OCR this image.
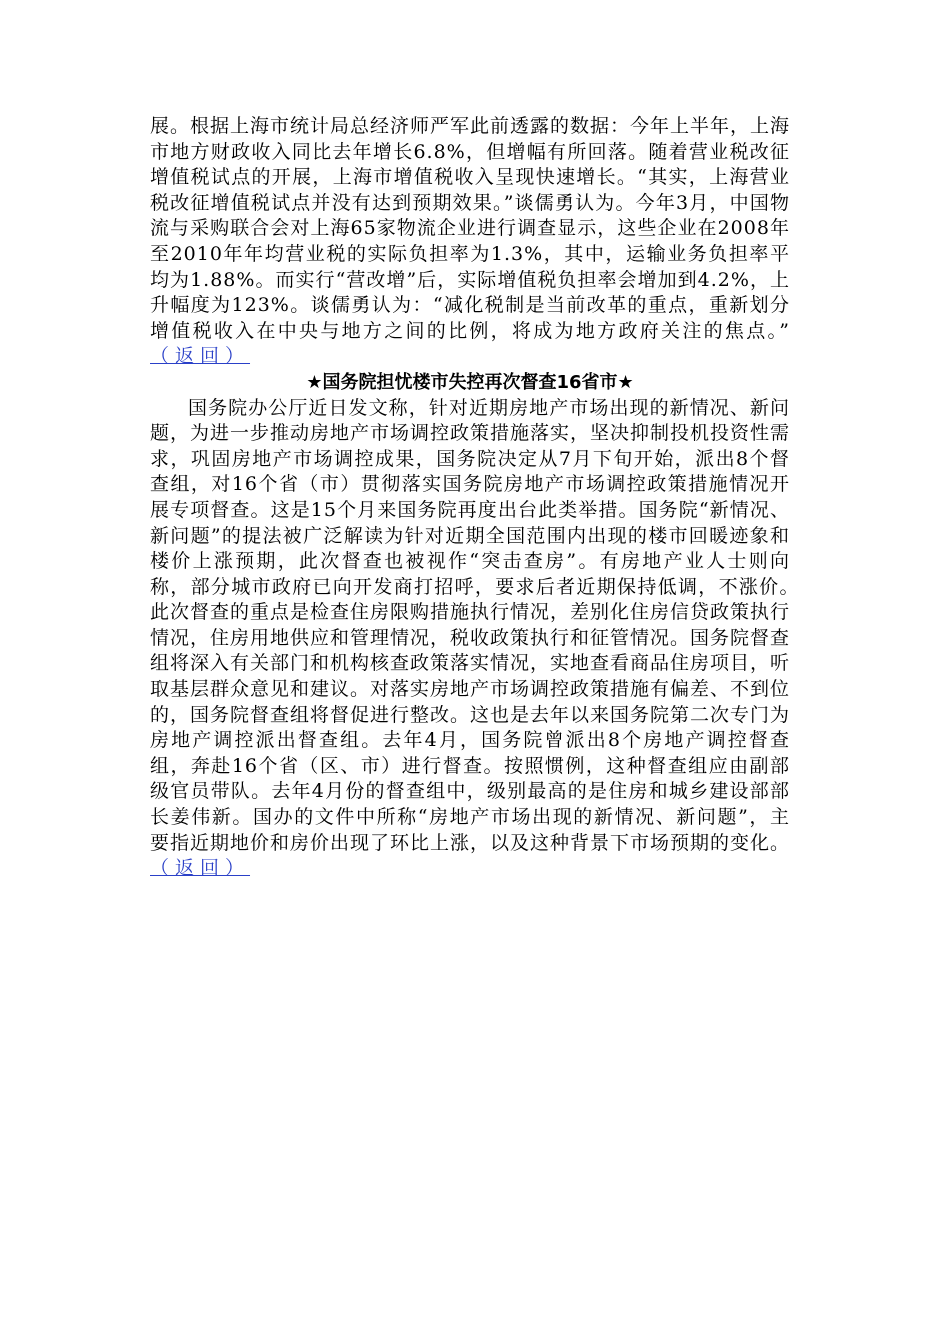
展。根据上海市统计局总经济师严军此前透露的数据：今年上半年，上海市地方财政收入同比去年增长6.8%，但增幅有所回落。随着营业税改征增值税试点的开展，上海市增值税收入呈现快速增长。“其实，上海营业税改征增值税试点并没有达到预期效果。”谈儒勇认为。今年3月，中国物流与采购联合会对上海65家物流企业进行调查显示，这些企业在2008年至2010年年均营业税的实际负担率为1.3%，其中，运输业务负担率平均为1.88%。而实行“营改增”后，实际增值税负担率会增加到4.2%，上升幅度为123%。谈儒勇认为：“减化税制是当前改革的重点，重新划分增值税收入在中央与地方之间的比例，将成为地方政府关注的焦点。” （返回）

★国务院担忧楼市失控再次督查16省市★

国务院办公厅近日发文称，针对近期房地产市场出现的新情况、新问题，为进一步推动房地产市场调控政策措施落实，坚决抑制投机投资性需求，巩固房地产市场调控成果，国务院决定从7月下旬开始，派出8个督查组，对16个省（市）贯彻落实国务院房地产市场调控政策措施情况开展专项督查。这是15个月来国务院再度出台此类举措。国务院“新情况、新问题”的提法被广泛解读为针对近期全国范围内出现的楼市回暖迹象和楼价上涨预期，此次督查也被视作“突击查房”。有房地产业人士则向称，部分城市政府已向开发商打招呼，要求后者近期保持低调，不涨价。　此次督查的重点是检查住房限购措施执行情况，差别化住房信贷政策执行情况，住房用地供应和管理情况，税收政策执行和征管情况。国务院督查组将深入有关部门和机构核查政策落实情况，实地查看商品住房项目，听取基层群众意见和建议。对落实房地产市场调控政策措施有偏差、不到位的，国务院督查组将督促进行整改。这也是去年以来国务院第二次专门为房地产调控派出督查组。去年4月，国务院曾派出8个房地产调控督查组，奔赴16个省（区、市）进行督查。按照惯例，这种督查组应由副部级官员带队。去年4月份的督查组中，级别最高的是住房和城乡建设部部长姜伟新。国办的文件中所称“房地产市场出现的新情况、新问题”，主要指近期地价和房价出现了环比上涨，以及这种背景下市场预期的变化。 （返回）
